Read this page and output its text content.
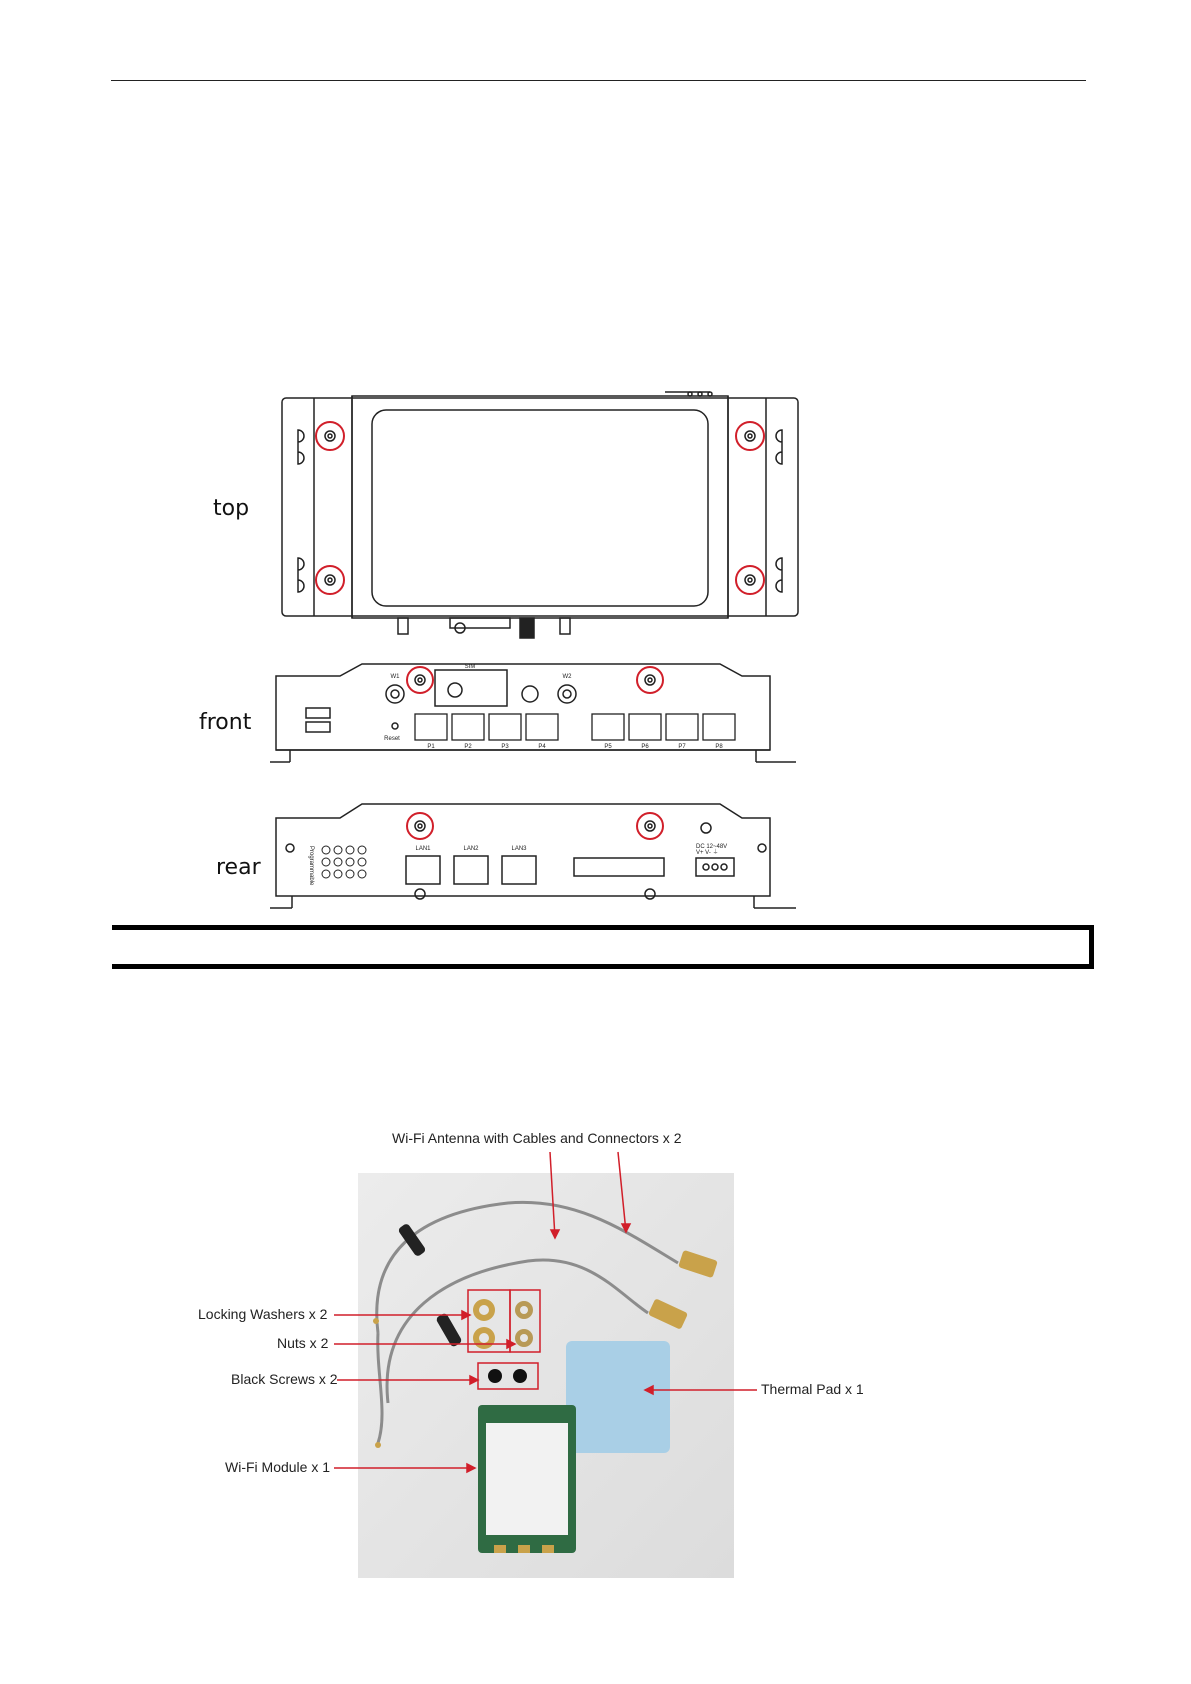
top
front
rear
W1
SIM
W2
Reset
P1	P2	P3	P4	P5	P6	P7	P8
Programmable	LAN1	LAN2	LAN3	DC 12~48V
V+ V- ⏚
Wi-Fi Antenna with Cables and Connectors x 2
Locking Washers x 2
Nuts x 2
Black Screws x 2
Wi-Fi Module x 1
Thermal Pad x 1
